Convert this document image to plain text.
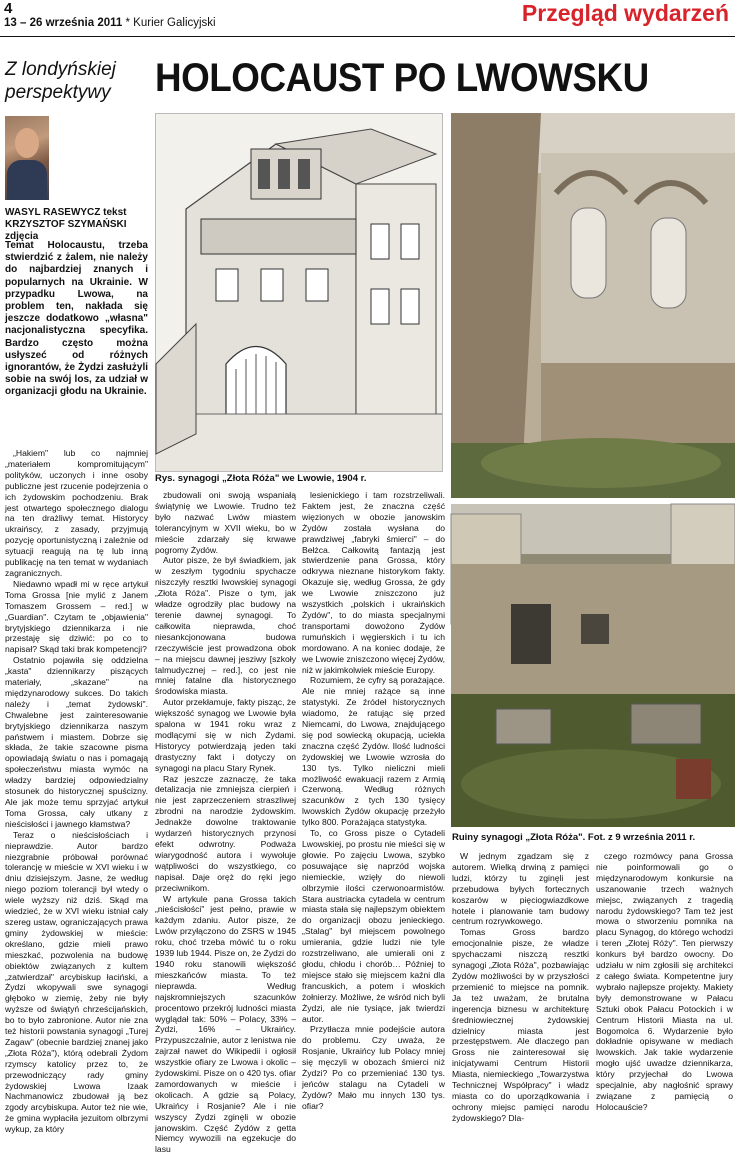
4
13 – 26 września 2011 * Kurier Galicyjski	Przegląd wydarzeń
Z londyńskiej perspektywy	HOLOCAUST PO LWOWSKU
WASYL RASEWYCZ tekst
KRZYSZTOF SZYMAŃSKI zdjęcia
Temat Holocaustu, trzeba stwierdzić z żalem, nie należy do najbardziej znanych i popularnych na Ukrainie. W przypadku Lwowa, na problem ten, nakłada się jeszcze dodatkowo „własna" nacjonalistyczna specyfika. Bardzo często można usłyszeć od różnych ignorantów, że Żydzi zasłużyli sobie na swój los, za udział w organizacji głodu na Ukrainie.
Rys. synagogi „Złota Róża" we Lwowie, 1904 r.
Ruiny synagogi „Złota Róża". Fot. z 9 września 2011 r.

„Hakiem" lub co najmniej „materiałem kompromitującym" polityków, uczonych i inne osoby publiczne jest rzucenie podejrzenia o ich żydowskim pochodzeniu. Brak jest otwartego społecznego dialogu na ten drażliwy temat. Historycy ukraińscy, z zasady, przyjmują pozycję oportunistyczną i zależnie od sytuacji reagują na tę lub inną publikację na ten temat w wydaniach zagranicznych.

Niedawno wpadł mi w ręce artykuł Toma Grossa [nie mylić z Janem Tomaszem Grossem – red.] w „Guardian". Czytam te „objawienia" brytyjskiego dziennikarza i nie przestaję się dziwić: po co to napisał? Skąd taki brak kompetencji?

Ostatnio pojawiła się oddzielna „kasta" dziennikarzy piszących materiały, „skazane" na międzynarodowy sukces. Do takich należy i „temat żydowski". Chwalebne jest zainteresowanie brytyjskiego dziennikarza naszym państwem i miastem. Dobrze się składa, że takie szacowne pisma opowiadają światu o nas i pomagają społeczeństwu miasta wymóc na władzy bardziej odpowiedzialny stosunek do historycznej spuścizny. Ale jak może temu sprzyjać artykuł Toma Grossa, cały utkany z nieścisłości i jawnego kłamstwa?

Teraz o nieścisłościach i nieprawdzie. Autor bardzo niezgrabnie próbował porównać tolerancję w mieście w XVI wieku i w dniu dzisiejszym. Jasne, że według niego poziom tolerancji był wtedy o wiele wyższy niż dziś. Skąd ma wiedzieć, że w XVI wieku istniał cały szereg ustaw, ograniczających prawa gminy żydowskiej w mieście: określano, gdzie mieli prawo mieszkać, pozwolenia na budowę obiektów związanych z kultem „zatwierdzał" arcybiskup łaciński, a Żydzi wkopywali swe synagogi głęboko w ziemię, żeby nie były wyższe od świątyń chrześcijańskich, bo to było zabronione. Autor nie zna też historii powstania synagogi „Turej Zagaw" (obecnie bardziej znanej jako „Złota Róża"), którą odebrali Żydom rzymscy katolicy przez to, że przewodniczący rady gminy żydowskiej Lwowa Izaak Nachmanowicz zbudował ją bez zgody arcybiskupa. Autor też nie wie, że gmina wypłaciła jezuitom olbrzymi wykup, za który

zbudowali oni swoją wspaniałą świątynię we Lwowie. Trudno też było nazwać Lwów miastem tolerancyjnym w XVII wieku, bo w mieście zdarzały się krwawe pogromy Żydów.

Autor pisze, że był świadkiem, jak w zeszłym tygodniu spychacze niszczyły resztki lwowskiej synagogi „Złota Róża". Pisze o tym, jak władze ogrodziły plac budowy na terenie dawnej synagogi. To całkowita nieprawda, choć niesankcjonowana budowa rzeczywiście jest prowadzona obok – na miejscu dawnej jesziwy [szkoły talmudycznej – red.], co jest nie mniej fatalne dla historycznego środowiska miasta.

Autor przekłamuje, fakty pisząc, że większość synagog we Lwowie była spalona w 1941 roku wraz z modlącymi się w nich Żydami. Historycy potwierdzają jeden taki drastyczny fakt i dotyczy on synagogi na placu Stary Rynek.

Raz jeszcze zaznaczę, że taka detalizacja nie zmniejsza cierpień i nie jest zaprzeczeniem straszliwej zbrodni na narodzie żydowskim. Jednakże dowolne traktowanie wydarzeń historycznych przynosi efekt odwrotny. Podważa wiarygodność autora i wywołuje wątpliwości do wszystkiego, co napisał. Daje oręż do ręki jego przeciwnikom.

W artykule pana Grossa takich „nieścisłości" jest pełno, prawie w każdym zdaniu. Autor pisze, że Lwów przyłączono do ZSRS w 1945 roku, choć trzeba mówić tu o roku 1939 lub 1944. Pisze on, że Żydzi do 1940 roku stanowili większość mieszkańców miasta. To też nieprawda. Według najskromniejszych szacunków procentowo przekrój ludności miasta wyglądał tak: 50% – Polacy, 33% – Żydzi, 16% – Ukraińcy. Przypuszczalnie, autor z lenistwa nie zajrzał nawet do Wikipedii i ogłosił wszystkie ofiary ze Lwowa i okolic – żydowskimi. Pisze on o 420 tys. ofiar zamordowanych w mieście i okolicach. A gdzie są Polacy, Ukraińcy i Rosjanie? Ale i nie wszyscy Żydzi zginęli w obozie janowskim. Część Żydów z getta Niemcy wywozili na egzekucje do lasu

lesienickiego i tam rozstrzeliwali. Faktem jest, że znaczna część więzionych w obozie janowskim Żydów została wysłana do prawdziwej „fabryki śmierci" – do Bełżca. Całkowitą fantazją jest stwierdzenie pana Grossa, który odkrywa nieznane historykom fakty. Okazuje się, według Grossa, że gdy we Lwowie zniszczono już wszystkich „polskich i ukraińskich Żydów", to do miasta specjalnymi transportami dowożono Żydów rumuńskich i węgierskich i tu ich mordowano. A na koniec dodaje, że we Lwowie zniszczono więcej Żydów, niż w jakimkolwiek mieście Europy.

Rozumiem, że cyfry są porażające. Ale nie mniej rażące są inne statystyki. Ze źródeł historycznych wiadomo, że ratując się przed Niemcami, do Lwowa, znajdującego się pod sowiecką okupacją, uciekła znaczna część Żydów. Ilość ludności żydowskiej we Lwowie wzrosła do 130 tys. Tylko nieliczni mieli możliwość ewakuacji razem z Armią Czerwoną. Według różnych szacunków z tych 130 tysięcy lwowskich Żydów okupację przeżyło tylko 800. Porażająca statystyka.

To, co Gross pisze o Cytadeli Lwowskiej, po prostu nie mieści się w głowie. Po zajęciu Lwowa, szybko posuwające się naprzód wojska niemieckie, wzięły do niewoli olbrzymie ilości czerwonoarmistów. Stara austriacka cytadela w centrum miasta stała się najlepszym obiektem do organizacji obozu jenieckiego. „Stalag" był miejscem powolnego umierania, gdzie ludzi nie tyle rozstrzeliwano, ale umierali oni z głodu, chłodu i chorób… Później to miejsce stało się miejscem kaźni dla francuskich, a potem i włoskich żołnierzy. Możliwe, że wśród nich byli Żydzi, ale nie tysiące, jak twierdzi autor.

Przytłacza mnie podejście autora do problemu. Czy uważa, że Rosjanie, Ukraińcy lub Polacy mniej się męczyli w obozach śmierci niż Żydzi? Po co przemieniać 130 tys. jeńców stalagu na Cytadeli w Żydów? Mało mu innych 130 tys. ofiar?

W jednym zgadzam się z autorem. Wielką drwiną z pamięci ludzi, którzy tu zginęli jest przebudowa byłych fortecznych koszarów w pięciogwiazdkowe hotele i planowanie tam budowy centrum rozrywkowego.

Tomas Gross bardzo emocjonalnie pisze, że władze spychaczami niszczą resztki synagogi „Złota Róża", pozbawiając Żydów możliwości by w przyszłości przemienić to miejsce na pomnik. Ja też uważam, że brutalna ingerencja biznesu w architekturę średniowiecznej żydowskiej dzielnicy miasta jest przestępstwem. Ale dlaczego pan Gross nie zainteresował się inicjatywami Centrum Historii Miasta, niemieckiego „Towarzystwa Technicznej Współpracy" i władz miasta co do uporządkowania i ochrony miejsc pamięci narodu żydowskiego? Dla-

czego rozmówcy pana Grossa nie poinformowali go o międzynarodowym konkursie na uszanowanie trzech ważnych miejsc, związanych z tragedią narodu żydowskiego? Tam też jest mowa o stworzeniu pomnika na placu Synagog, do którego wchodzi i teren „Złotej Róży". Ten pierwszy konkurs był bardzo owocny. Do udziału w nim zgłosili się architekci z całego świata. Kompetentne jury wybrało najlepsze projekty. Makiety były demonstrowane w Pałacu Sztuki obok Pałacu Potockich i w Centrum Historii Miasta na ul. Bogomolca 6. Wydarzenie było dokładnie opisywane w mediach lwowskich. Jak takie wydarzenie mogło ujść uwadze dziennikarza, który przyjechał do Lwowa specjalnie, aby nagłośnić sprawy związane z pamięcią o Holocauście?
